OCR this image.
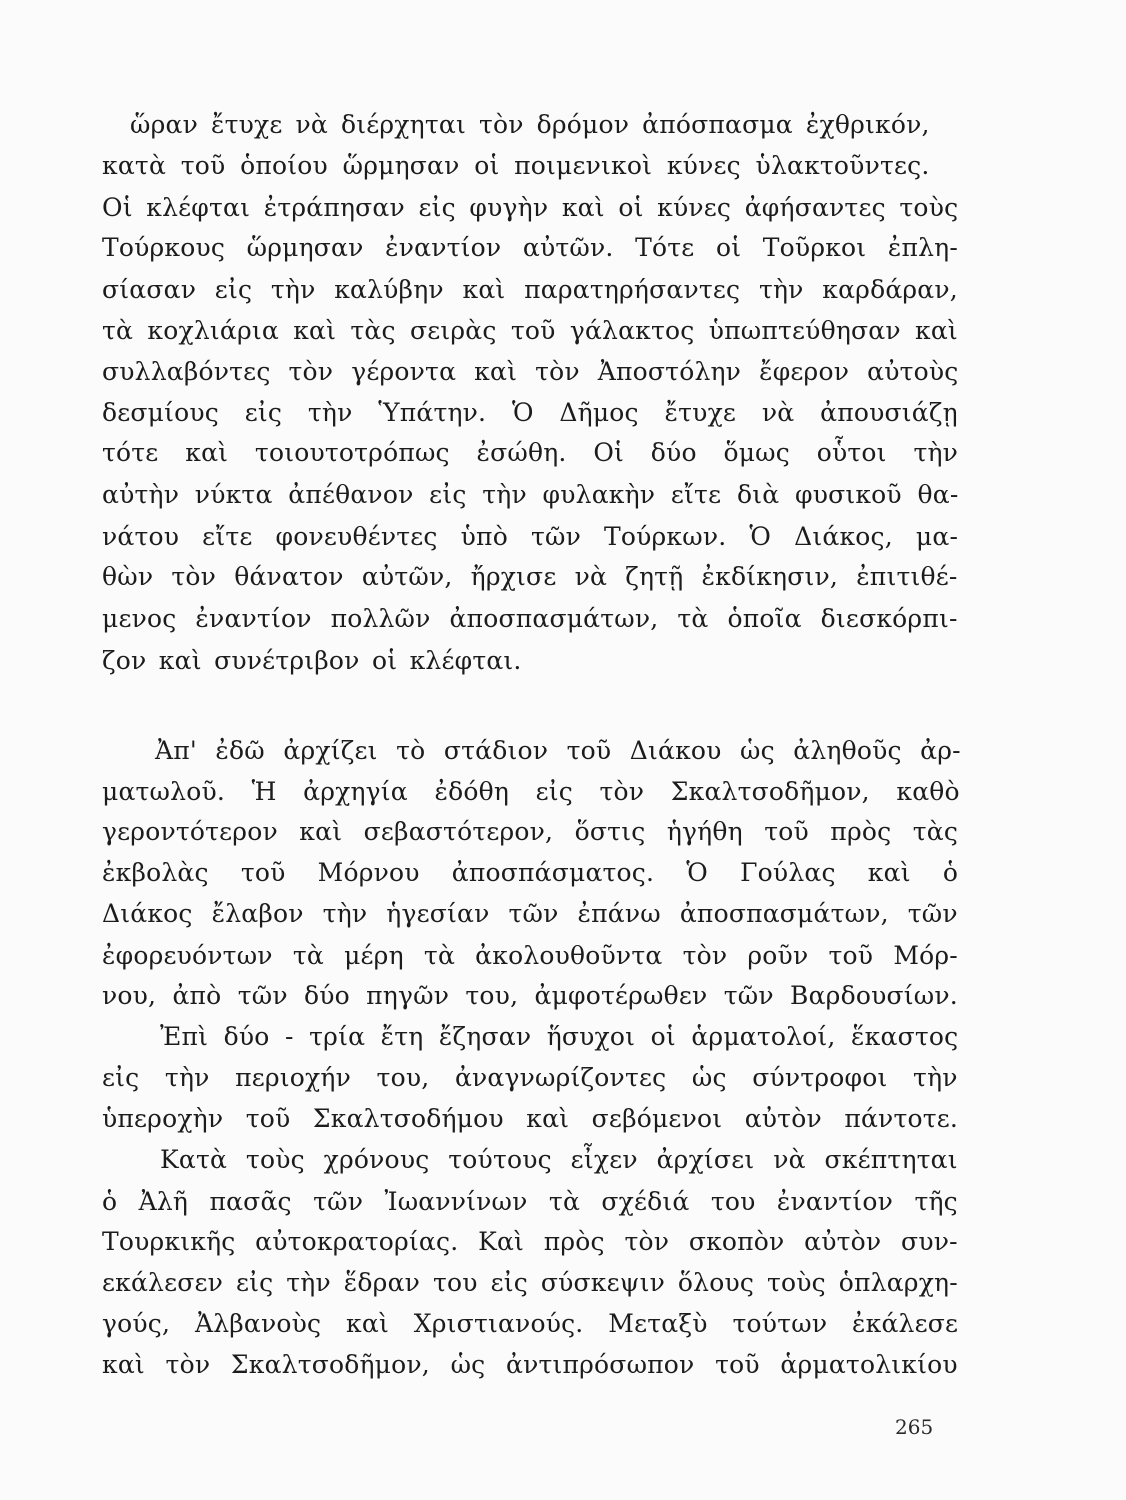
ὥραν ἔτυχε νὰ διέρχηται τὸν δρόμον ἀπόσπασμα ἐχθρικόν,
κατὰ τοῦ ὁποίου ὥρμησαν οἱ ποιμενικοὶ κύνες ὑλακτοῦντες.
Οἱ κλέφται ἐτράπησαν εἰς φυγὴν καὶ οἱ κύνες ἀφήσαντες τοὺς
Τούρκους ὥρμησαν ἐναντίον αὐτῶν. Τότε οἱ Τοῦρκοι ἐπλη-
σίασαν εἰς τὴν καλύβην καὶ παρατηρήσαντες τὴν καρδάραν,
τὰ κοχλιάρια καὶ τὰς σειρὰς τοῦ γάλακτος ὑπωπτεύθησαν καὶ
συλλαβόντες τὸν γέροντα καὶ τὸν Ἀποστόλην ἔφερον αὐτοὺς
δεσμίους εἰς τὴν Ὑπάτην. Ὁ Δῆμος ἔτυχε νὰ ἀπουσιάζῃ
τότε καὶ τοιουτοτρόπως ἐσώθη. Οἱ δύο ὅμως οὗτοι τὴν
αὐτὴν νύκτα ἀπέθανον εἰς τὴν φυλακὴν εἴτε διὰ φυσικοῦ θα-
νάτου εἴτε φονευθέντες ὑπὸ τῶν Τούρκων. Ὁ Διάκος, μα-
θὼν τὸν θάνατον αὐτῶν, ἤρχισε νὰ ζητῇ ἐκδίκησιν, ἐπιτιθέ-
μενος ἐναντίον πολλῶν ἀποσπασμάτων, τὰ ὁποῖα διεσκόρπι-
ζον καὶ συνέτριβον οἱ κλέφται.
Ἀπ' ἐδῶ ἀρχίζει τὸ στάδιον τοῦ Διάκου ὡς ἀληθοῦς ἀρ-
ματωλοῦ. Ἡ ἀρχηγία ἐδόθη εἰς τὸν Σκαλτσοδῆμον, καθὸ
γεροντότερον καὶ σεβαστότερον, ὅστις ἡγήθη τοῦ πρὸς τὰς
ἐκβολὰς τοῦ Μόρνου ἀποσπάσματος. Ὁ Γούλας καὶ ὁ
Διάκος ἔλαβον τὴν ἡγεσίαν τῶν ἐπάνω ἀποσπασμάτων, τῶν
ἐφορευόντων τὰ μέρη τὰ ἀκολουθοῦντα τὸν ροῦν τοῦ Μόρ-
νου, ἀπὸ τῶν δύο πηγῶν του, ἀμφοτέρωθεν τῶν Βαρδουσίων.
Ἐπὶ δύο - τρία ἔτη ἔζησαν ἥσυχοι οἱ ἁρματολοί, ἕκαστος
εἰς τὴν περιοχήν του, ἀναγνωρίζοντες ὡς σύντροφοι τὴν
ὑπεροχὴν τοῦ Σκαλτσοδήμου καὶ σεβόμενοι αὐτὸν πάντοτε.
Κατὰ τοὺς χρόνους τούτους εἶχεν ἀρχίσει νὰ σκέπτηται
ὁ Ἀλῆ πασᾶς τῶν Ἰωαννίνων τὰ σχέδιά του ἐναντίον τῆς
Τουρκικῆς αὐτοκρατορίας. Καὶ πρὸς τὸν σκοπὸν αὐτὸν συν-
εκάλεσεν εἰς τὴν ἕδραν του εἰς σύσκεψιν ὅλους τοὺς ὁπλαρχη-
γούς, Ἀλβανοὺς καὶ Χριστιανούς. Μεταξὺ τούτων ἐκάλεσε
καὶ τὸν Σκαλτσοδῆμον, ὡς ἀντιπρόσωπον τοῦ ἁρματολικίου
265
